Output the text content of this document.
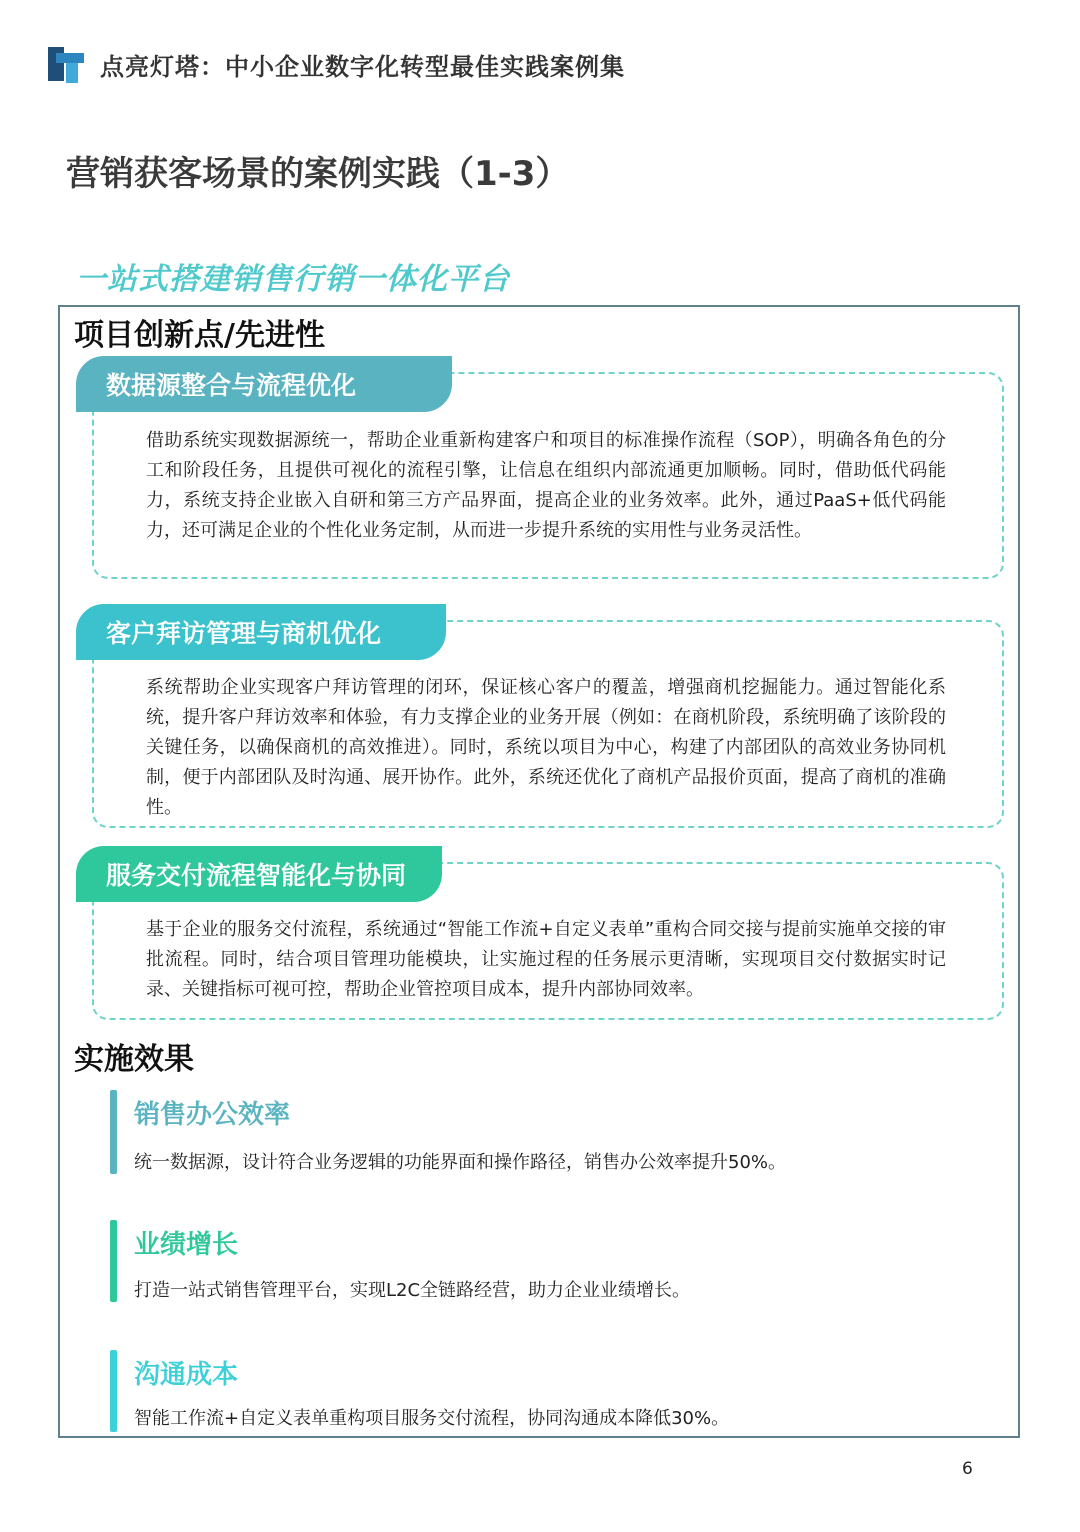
点亮灯塔：中小企业数字化转型最佳实践案例集
营销获客场景的案例实践（1-3）
一站式搭建销售行销一体化平台
项目创新点/先进性
数据源整合与流程优化
借助系统实现数据源统一，帮助企业重新构建客户和项目的标准操作流程（SOP），明确各角色的分工和阶段任务，且提供可视化的流程引擎，让信息在组织内部流通更加顺畅。同时，借助低代码能力，系统支持企业嵌入自研和第三方产品界面，提高企业的业务效率。此外，通过PaaS+低代码能力，还可满足企业的个性化业务定制，从而进一步提升系统的实用性与业务灵活性。
客户拜访管理与商机优化
系统帮助企业实现客户拜访管理的闭环，保证核心客户的覆盖，增强商机挖掘能力。通过智能化系统，提升客户拜访效率和体验，有力支撑企业的业务开展（例如：在商机阶段，系统明确了该阶段的关键任务，以确保商机的高效推进）。同时，系统以项目为中心，构建了内部团队的高效业务协同机制，便于内部团队及时沟通、展开协作。此外，系统还优化了商机产品报价页面，提高了商机的准确性。
服务交付流程智能化与协同
基于企业的服务交付流程，系统通过“智能工作流+自定义表单”重构合同交接与提前实施单交接的审批流程。同时，结合项目管理功能模块，让实施过程的任务展示更清晰，实现项目交付数据实时记录、关键指标可视可控，帮助企业管控项目成本，提升内部协同效率。
实施效果
销售办公效率
统一数据源，设计符合业务逻辑的功能界面和操作路径，销售办公效率提升50%。
业绩增长
打造一站式销售管理平台，实现L2C全链路经营，助力企业业绩增长。
沟通成本
智能工作流+自定义表单重构项目服务交付流程，协同沟通成本降低30%。
6
